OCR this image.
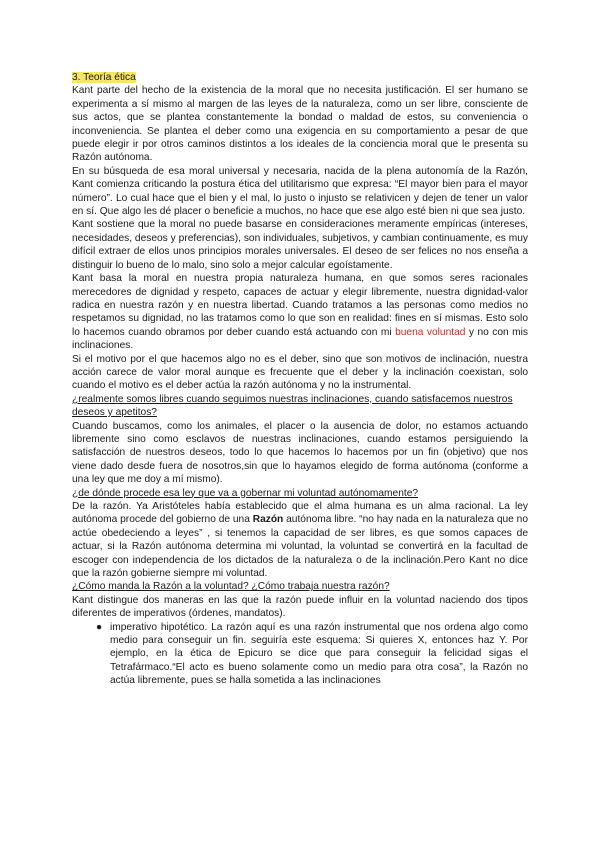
3. Teoría ética

Kant parte del hecho de la existencia de la moral que no necesita justificación. El ser humano se experimenta a sí mismo al margen de las leyes de la naturaleza, como un ser libre, consciente de sus actos, que se plantea constantemente la bondad o maldad de estos, su conveniencia o inconveniencia. Se plantea el deber como una exigencia en su comportamiento a pesar de que puede elegir ir por otros caminos distintos a los ideales de la conciencia moral que le presenta su Razón autónoma.

En su búsqueda de esa moral universal y necesaria, nacida de la plena autonomía de la Razón, Kant comienza criticando la postura ética del utilitarismo que expresa: “El mayor bien para el mayor número”. Lo cual hace que el bien y el mal, lo justo o injusto se relativicen y dejen de tener un valor en sí. Que algo les dé placer o beneficie a muchos, no hace que ese algo esté bien ni que sea justo.

Kant sostiene que la moral no puede basarse en consideraciones meramente empíricas (intereses, necesidades, deseos y preferencias), son individuales, subjetivos, y cambian continuamente, es muy difícil extraer de ellos unos principios morales universales. El deseo de ser felices no nos enseña a distinguir lo bueno de lo malo, sino solo a mejor calcular egoístamente.

Kant basa la moral en nuestra propia naturaleza humana, en que somos seres racionales merecedores de dignidad y respeto, capaces de actuar y elegir libremente, nuestra dignidad-valor radica en nuestra razón y en nuestra libertad. Cuando tratamos a las personas como medios no respetamos su dignidad, no las tratamos como lo que son en realidad: fines en sí mismas. Esto solo lo hacemos cuando obramos por deber cuando está actuando con mi buena voluntad y no con mis inclinaciones.

Si el motivo por el que hacemos algo no es el deber, sino que son motivos de inclinación, nuestra acción carece de valor moral aunque es frecuente que el deber y la inclinación coexistan, solo cuando el motivo es el deber actúa la razón autónoma y no la instrumental.

¿realmente somos libres cuando seguimos nuestras inclinaciones, cuando satisfacemos nuestros deseos y apetitos?

Cuando buscamos, como los animales, el placer o la ausencia de dolor, no estamos actuando libremente sino como esclavos de nuestras inclinaciones, cuando estamos persiguiendo la satisfacción de nuestros deseos, todo lo que hacemos lo hacemos por un fin (objetivo) que nos viene dado desde fuera de nosotros,sin que lo hayamos elegido de forma autónoma (conforme a una ley que me doy a mí mismo).

¿de dónde procede esa ley que va a gobernar mi voluntad autónomamente?

De la razón. Ya Aristóteles había establecido que el alma humana es un alma racional. La ley autónoma procede del gobierno de una Razón autónoma libre. “no hay nada en la naturaleza que no actúe obedeciendo a leyes” , si tenemos la capacidad de ser libres, es que somos capaces de actuar, si la Razón autónoma determina mi voluntad, la voluntad se convertirá en la facultad de escoger con independencia de los dictados de la naturaleza o de la inclinación.Pero Kant no dice que la razón gobierne siempre mi voluntad.

¿Cómo manda la Razón a la voluntad? ¿Cómo trabaja nuestra razón?

Kant distingue dos maneras en las que la razón puede influir en la voluntad naciendo dos tipos diferentes de imperativos (órdenes, mandatos).

● imperativo hipotético. La razón aquí es una razón instrumental que nos ordena algo como medio para conseguir un fin. seguiría este esquema: Si quieres X, entonces haz Y. Por ejemplo, en la ética de Epicuro se dice que para conseguir la felicidad sigas el Tetrafármaco.“El acto es bueno solamente como un medio para otra cosa”, la Razón no actúa libremente, pues se halla sometida a las inclinaciones
